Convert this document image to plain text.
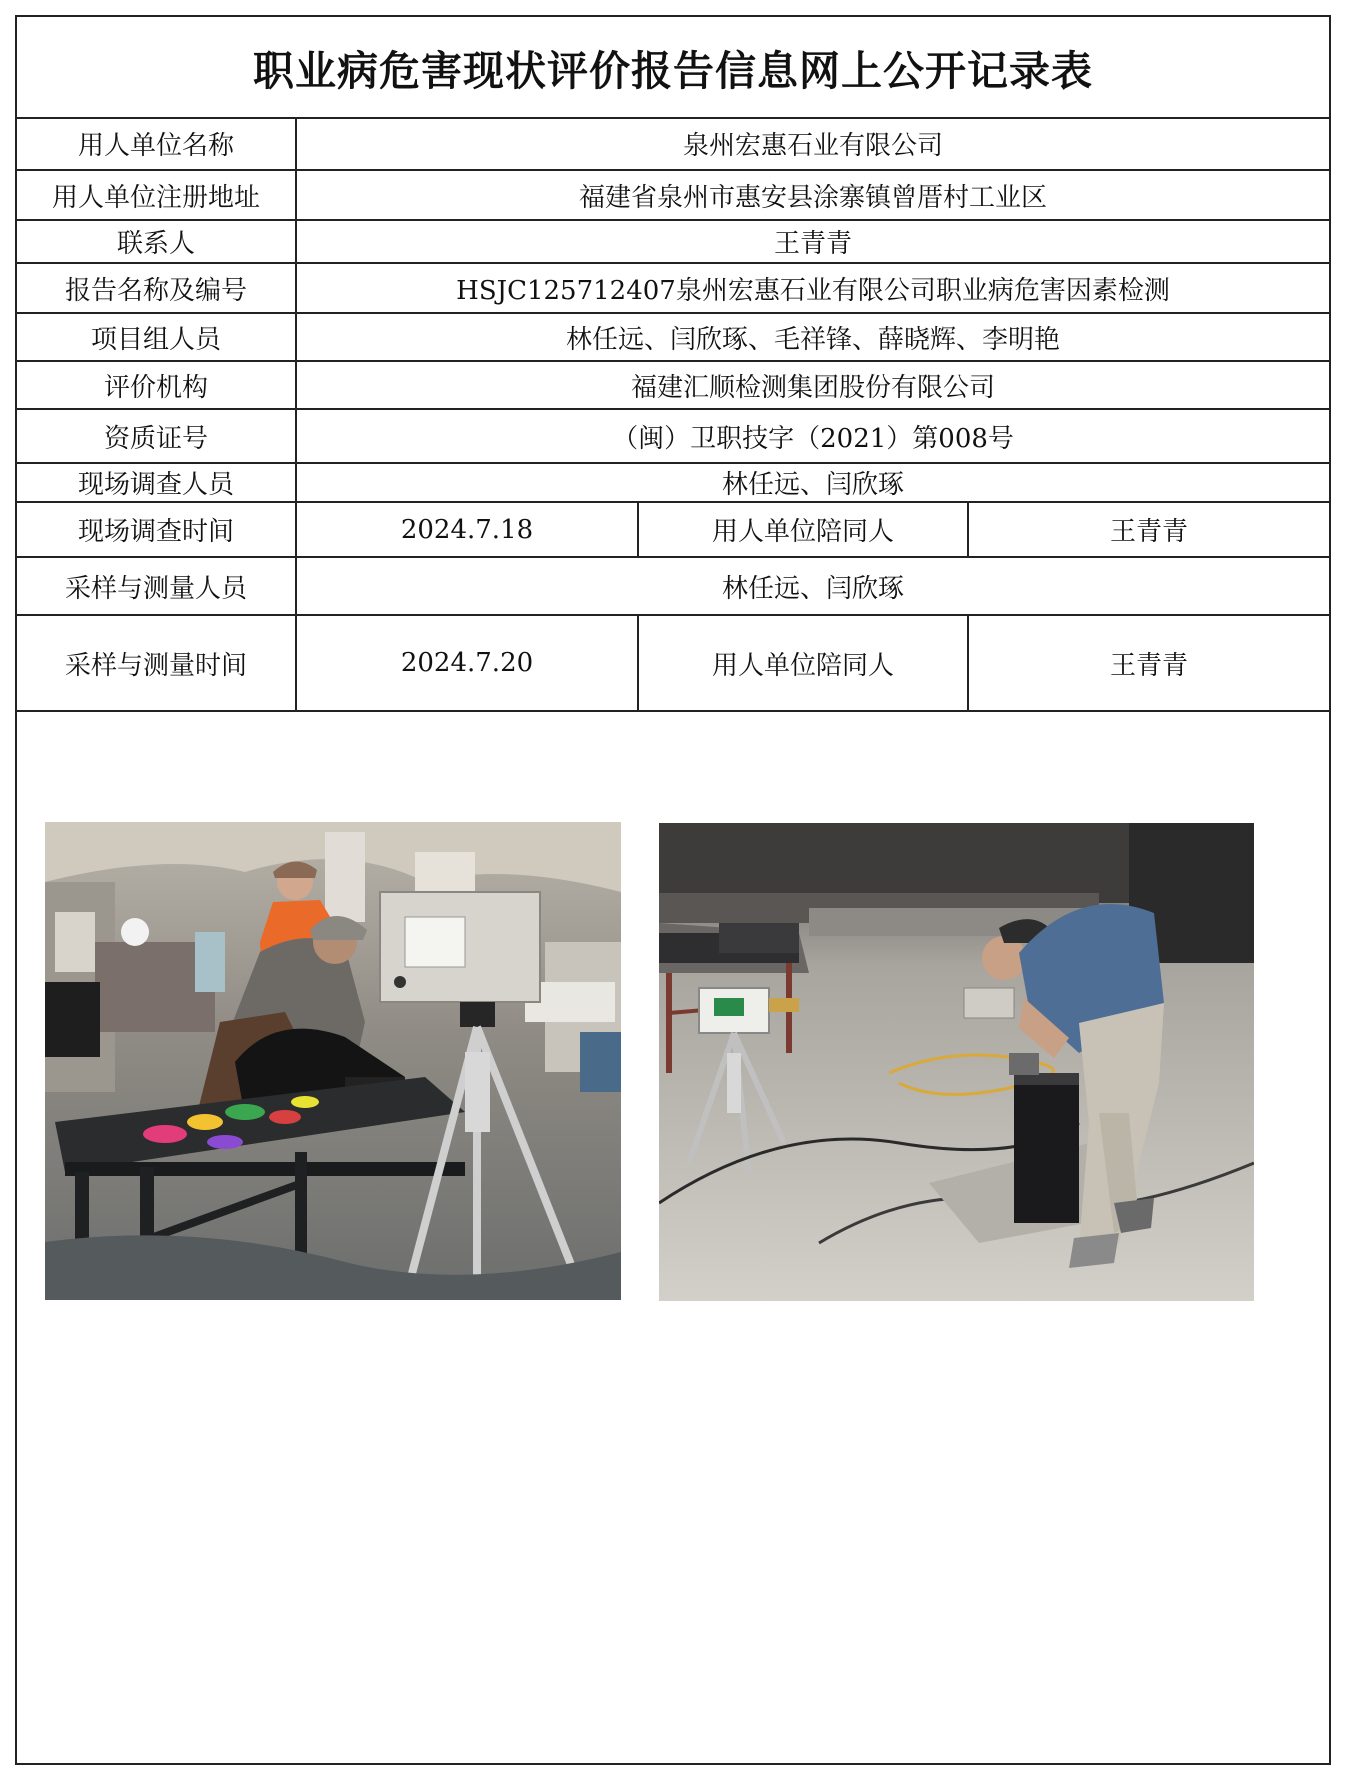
职业病危害现状评价报告信息网上公开记录表
用人单位名称	泉州宏惠石业有限公司		
用人单位注册地址	福建省泉州市惠安县涂寨镇曾厝村工业区		
联系人	王青青		
报告名称及编号	HSJC125712407泉州宏惠石业有限公司职业病危害因素检测		
项目组人员	林任远、闫欣琢、毛祥锋、薛晓辉、李明艳		
评价机构	福建汇顺检测集团股份有限公司		
资质证号	（闽）卫职技字（2021）第008号		
现场调查人员	林任远、闫欣琢		
现场调查时间	2024.7.18	用人单位陪同人	王青青
采样与测量人员	林任远、闫欣琢		
采样与测量时间	2024.7.20	用人单位陪同人	王青青
